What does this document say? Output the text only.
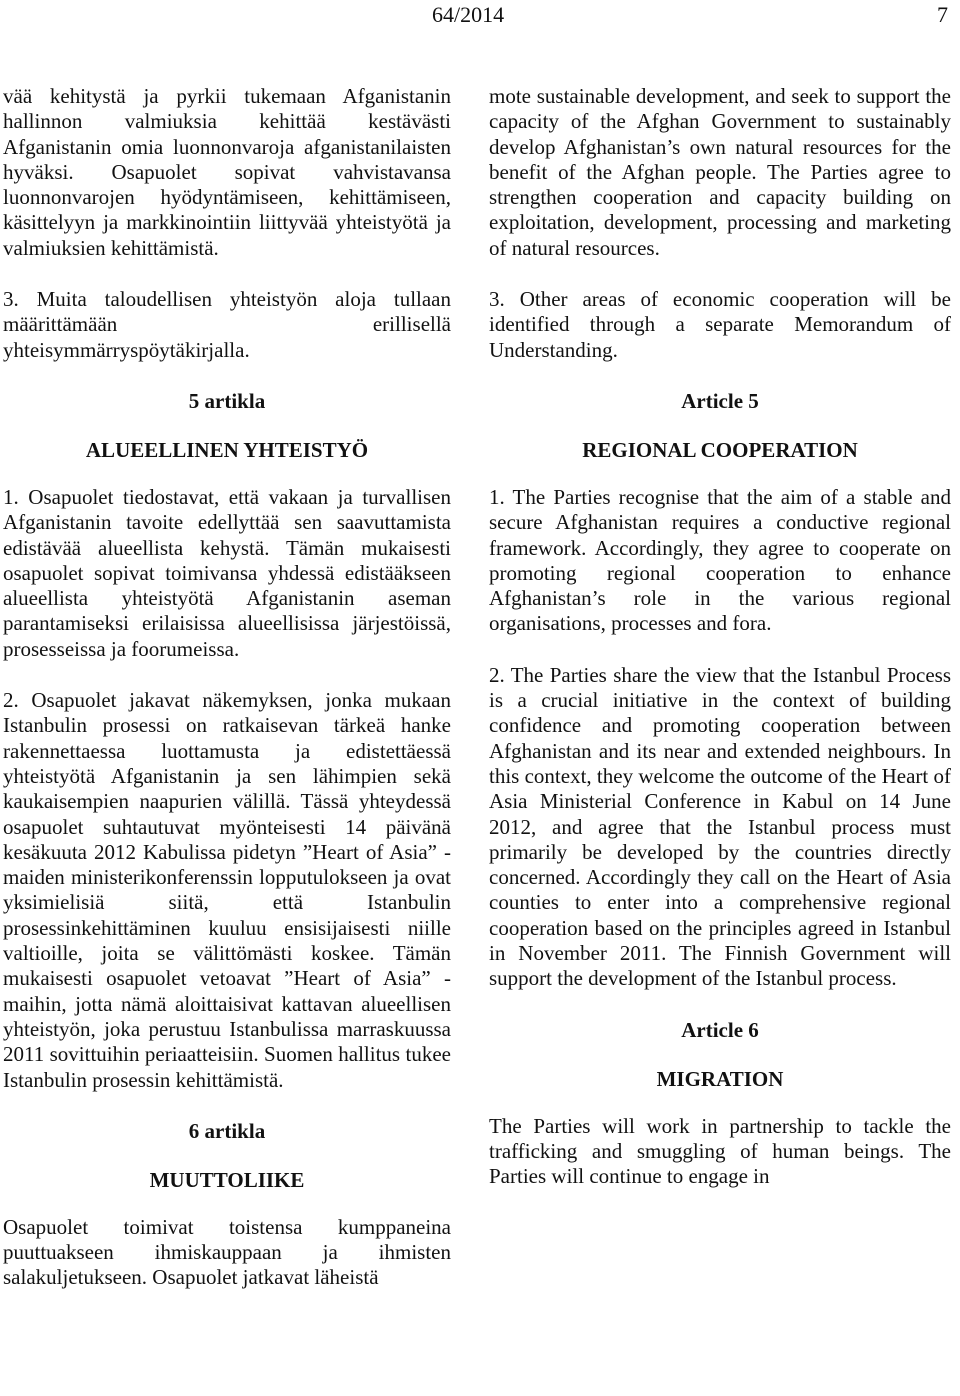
64/2014	7

vää kehitystä ja pyrkii tukemaan Afganistanin hallinnon valmiuksia kehittää kestävästi Afganistanin omia luonnonvaroja afganistanilaisten hyväksi. Osapuolet sopivat vahvistavansa luonnonvarojen hyödyntämiseen, kehittämiseen, käsittelyyn ja markkinointiin liittyvää yhteistyötä ja valmiuksien kehittämistä.

3. Muita taloudellisen yhteistyön aloja tullaan määrittämään erillisellä yhteisymmärryspöytäkirjalla.

5 artikla
ALUEELLINEN YHTEISTYÖ

1. Osapuolet tiedostavat, että vakaan ja turvallisen Afganistanin tavoite edellyttää sen saavuttamista edistävää alueellista kehystä. Tämän mukaisesti osapuolet sopivat toimivansa yhdessä edistääkseen alueellista yhteistyötä Afganistanin aseman parantamiseksi erilaisissa alueellisissa järjestöissä, prosesseissa ja foorumeissa.

2. Osapuolet jakavat näkemyksen, jonka mukaan Istanbulin prosessi on ratkaisevan tärkeä hanke rakennettaessa luottamusta ja edistettäessä yhteistyötä Afganistanin ja sen lähimpien sekä kaukaisempien naapurien välillä. Tässä yhteydessä osapuolet suhtautuvat myönteisesti 14 päivänä kesäkuuta 2012 Kabulissa pidetyn ”Heart of Asia” -maiden ministerikonferenssin lopputulokseen ja ovat yksimielisiä siitä, että Istanbulin prosessinkehittäminen kuuluu ensisijaisesti niille valtioille, joita se välittömästi koskee. Tämän mukaisesti osapuolet vetoavat ”Heart of Asia” -maihin, jotta nämä aloittaisivat kattavan alueellisen yhteistyön, joka perustuu Istanbulissa marraskuussa 2011 sovittuihin periaatteisiin. Suomen hallitus tukee Istanbulin prosessin kehittämistä.

6 artikla
MUUTTOLIIKE

Osapuolet toimivat toistensa kumppaneina puuttuakseen ihmiskauppaan ja ihmisten salakuljetukseen. Osapuolet jatkavat läheistä

mote sustainable development, and seek to support the capacity of the Afghan Government to sustainably develop Afghanistan’s own natural resources for the benefit of the Afghan people. The Parties agree to strengthen cooperation and capacity building on exploitation, development, processing and marketing of natural resources.

3. Other areas of economic cooperation will be identified through a separate Memorandum of Understanding.

Article 5
REGIONAL COOPERATION

1. The Parties recognise that the aim of a stable and secure Afghanistan requires a conductive regional framework. Accordingly, they agree to cooperate on promoting regional cooperation to enhance Afghanistan’s role in the various regional organisations, processes and fora.

2. The Parties share the view that the Istanbul Process is a crucial initiative in the context of building confidence and promoting cooperation between Afghanistan and its near and extended neighbours. In this context, they welcome the outcome of the Heart of Asia Ministerial Conference in Kabul on 14 June 2012, and agree that the Istanbul process must primarily be developed by the countries directly concerned. Accordingly they call on the Heart of Asia counties to enter into a comprehensive regional cooperation based on the principles agreed in Istanbul in November 2011. The Finnish Government will support the development of the Istanbul process.

Article 6
MIGRATION

The Parties will work in partnership to tackle the trafficking and smuggling of human beings. The Parties will continue to engage in
